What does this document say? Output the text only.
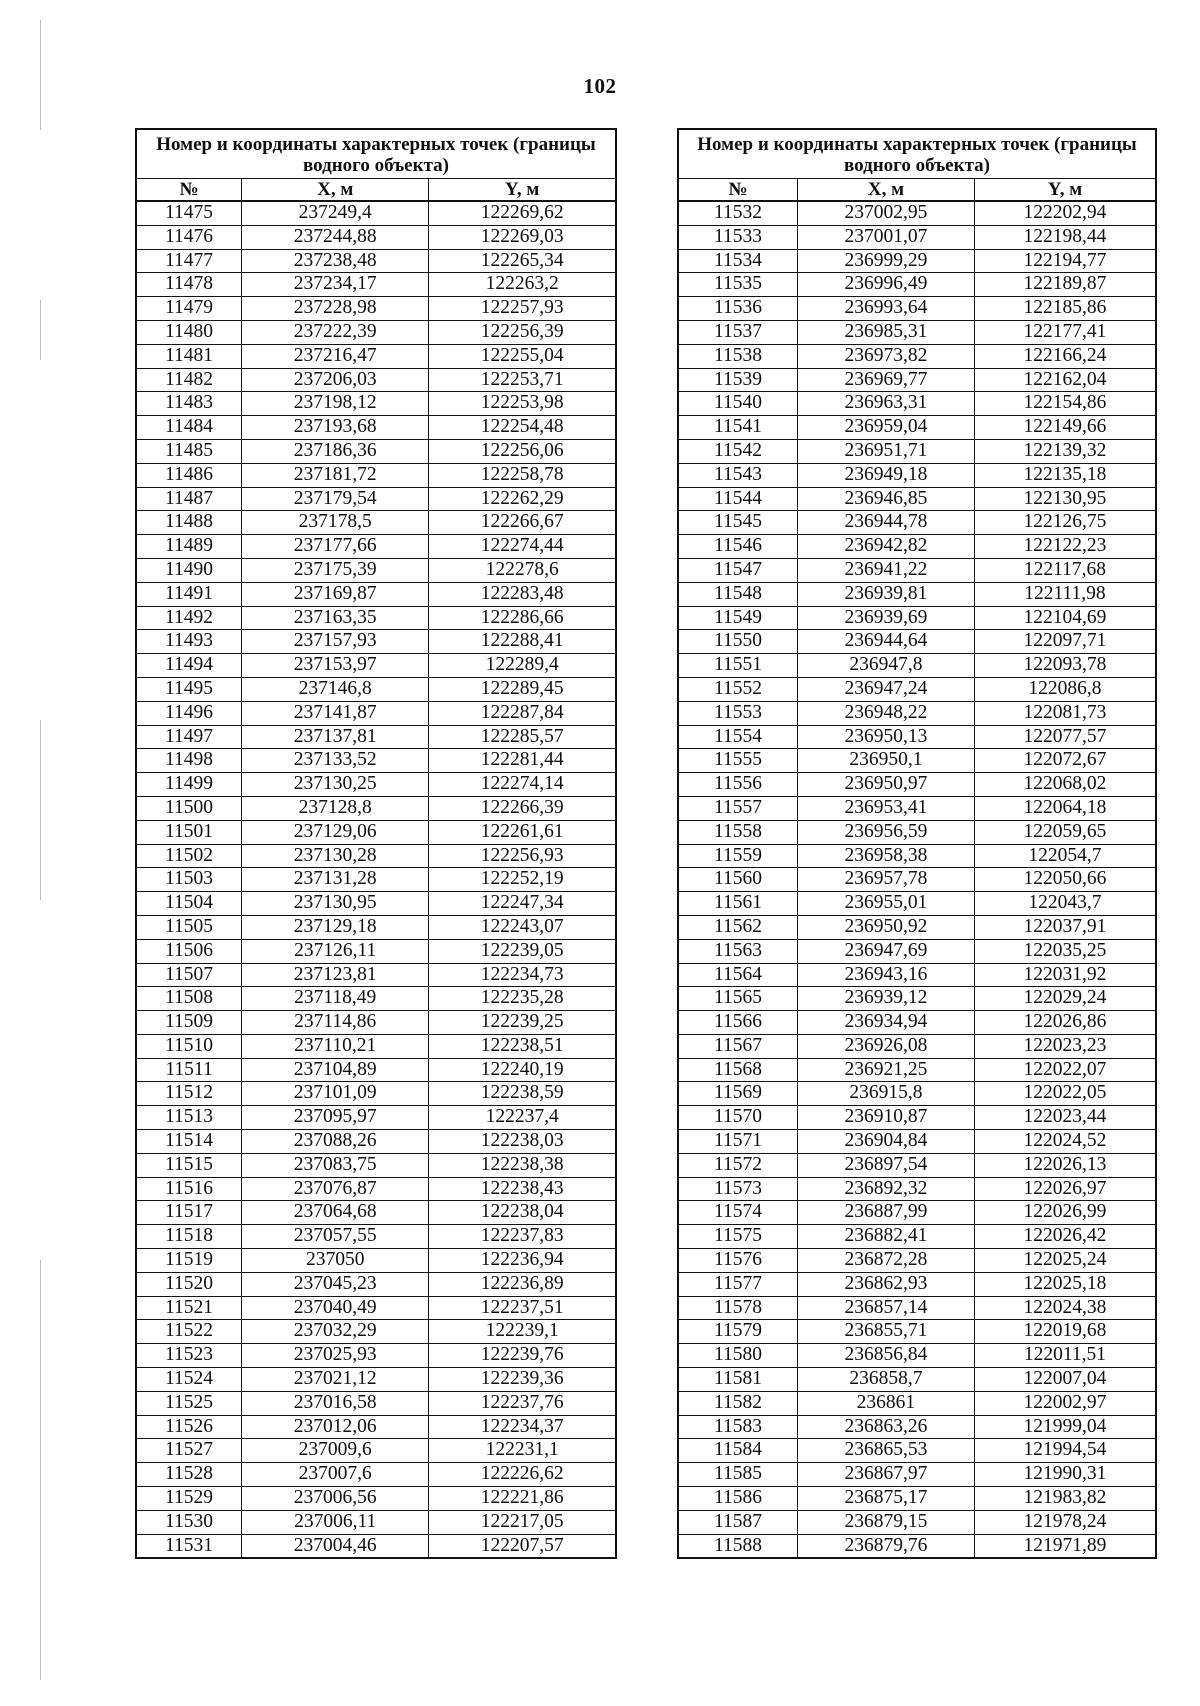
102
Номер и координаты характерных точек (границы водного объекта)		
№	X, м	Y, м
11475	237249,4	122269,62
11476	237244,88	122269,03
11477	237238,48	122265,34
11478	237234,17	122263,2
11479	237228,98	122257,93
11480	237222,39	122256,39
11481	237216,47	122255,04
11482	237206,03	122253,71
11483	237198,12	122253,98
11484	237193,68	122254,48
11485	237186,36	122256,06
11486	237181,72	122258,78
11487	237179,54	122262,29
11488	237178,5	122266,67
11489	237177,66	122274,44
11490	237175,39	122278,6
11491	237169,87	122283,48
11492	237163,35	122286,66
11493	237157,93	122288,41
11494	237153,97	122289,4
11495	237146,8	122289,45
11496	237141,87	122287,84
11497	237137,81	122285,57
11498	237133,52	122281,44
11499	237130,25	122274,14
11500	237128,8	122266,39
11501	237129,06	122261,61
11502	237130,28	122256,93
11503	237131,28	122252,19
11504	237130,95	122247,34
11505	237129,18	122243,07
11506	237126,11	122239,05
11507	237123,81	122234,73
11508	237118,49	122235,28
11509	237114,86	122239,25
11510	237110,21	122238,51
11511	237104,89	122240,19
11512	237101,09	122238,59
11513	237095,97	122237,4
11514	237088,26	122238,03
11515	237083,75	122238,38
11516	237076,87	122238,43
11517	237064,68	122238,04
11518	237057,55	122237,83
11519	237050	122236,94
11520	237045,23	122236,89
11521	237040,49	122237,51
11522	237032,29	122239,1
11523	237025,93	122239,76
11524	237021,12	122239,36
11525	237016,58	122237,76
11526	237012,06	122234,37
11527	237009,6	122231,1
11528	237007,6	122226,62
11529	237006,56	122221,86
11530	237006,11	122217,05
11531	237004,46	122207,57
Номер и координаты характерных точек (границы водного объекта)		
№	X, м	Y, м
11532	237002,95	122202,94
11533	237001,07	122198,44
11534	236999,29	122194,77
11535	236996,49	122189,87
11536	236993,64	122185,86
11537	236985,31	122177,41
11538	236973,82	122166,24
11539	236969,77	122162,04
11540	236963,31	122154,86
11541	236959,04	122149,66
11542	236951,71	122139,32
11543	236949,18	122135,18
11544	236946,85	122130,95
11545	236944,78	122126,75
11546	236942,82	122122,23
11547	236941,22	122117,68
11548	236939,81	122111,98
11549	236939,69	122104,69
11550	236944,64	122097,71
11551	236947,8	122093,78
11552	236947,24	122086,8
11553	236948,22	122081,73
11554	236950,13	122077,57
11555	236950,1	122072,67
11556	236950,97	122068,02
11557	236953,41	122064,18
11558	236956,59	122059,65
11559	236958,38	122054,7
11560	236957,78	122050,66
11561	236955,01	122043,7
11562	236950,92	122037,91
11563	236947,69	122035,25
11564	236943,16	122031,92
11565	236939,12	122029,24
11566	236934,94	122026,86
11567	236926,08	122023,23
11568	236921,25	122022,07
11569	236915,8	122022,05
11570	236910,87	122023,44
11571	236904,84	122024,52
11572	236897,54	122026,13
11573	236892,32	122026,97
11574	236887,99	122026,99
11575	236882,41	122026,42
11576	236872,28	122025,24
11577	236862,93	122025,18
11578	236857,14	122024,38
11579	236855,71	122019,68
11580	236856,84	122011,51
11581	236858,7	122007,04
11582	236861	122002,97
11583	236863,26	121999,04
11584	236865,53	121994,54
11585	236867,97	121990,31
11586	236875,17	121983,82
11587	236879,15	121978,24
11588	236879,76	121971,89
